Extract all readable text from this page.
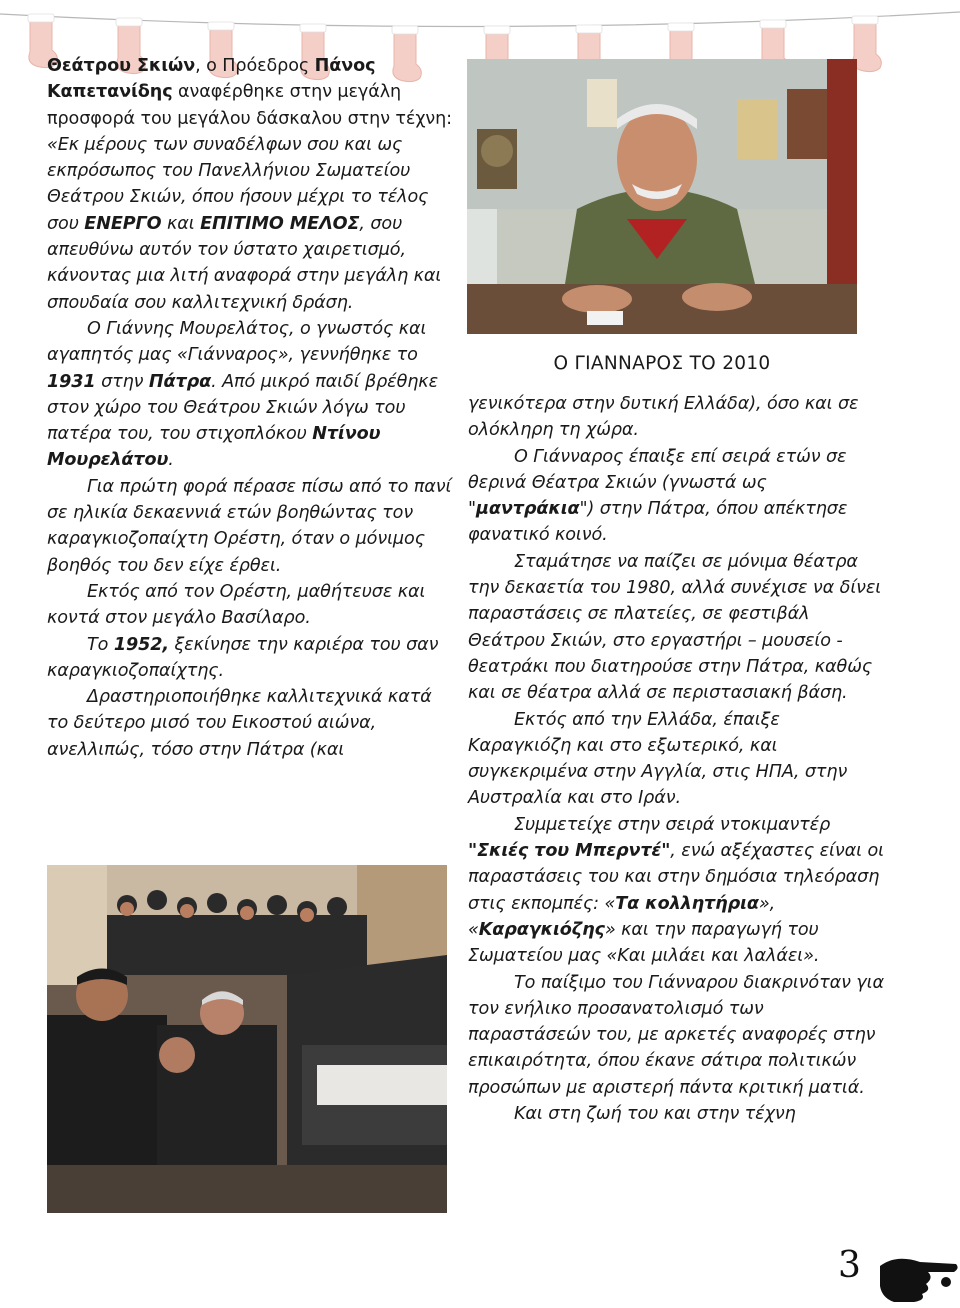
Ο ΓΙΑΝΝΑΡΟΣ ΤΟ 2010

Θεάτρου Σκιών, ο Πρόεδρος Πάνος Καπετανίδης αναφέρθηκε στην μεγάλη προσφορά του μεγάλου δάσκαλου στην τέχνη:

«Εκ μέρους των συναδέλφων σου και ως εκπρόσωπος του Πανελλήνιου Σωματείου Θεάτρου Σκιών, όπου ήσουν μέχρι το τέλος σου ΕΝΕΡΓΟ και ΕΠΙΤΙΜΟ ΜΕΛΟΣ, σου απευθύνω αυτόν τον ύστατο χαιρετισμό, κάνοντας μια λιτή αναφορά στην μεγάλη και σπουδαία σου καλλιτεχνική δράση.

Ο Γιάννης Μουρελάτος, ο γνωστός και αγαπητός μας «Γιάνναρος», γεννήθηκε το 1931 στην Πάτρα. Από μικρό παιδί βρέθηκε στον χώρο του Θεάτρου Σκιών λόγω του πατέρα του, του στιχοπλόκου Ντίνου Μουρελάτου.

Για πρώτη φορά πέρασε πίσω από το πανί σε ηλικία δεκαεννιά ετών βοηθώντας τον καραγκιοζοπαίχτη Ορέστη, όταν ο μόνιμος βοηθός του δεν είχε έρθει.

Εκτός από τον Ορέστη, μαθήτευσε και κοντά στον μεγάλο Βασίλαρο.

Το 1952, ξεκίνησε την καριέρα του σαν καραγκιοζοπαίχτης.

Δραστηριοποιήθηκε καλλιτεχνικά κατά το δεύτερο μισό του Εικοστού αιώνα, ανελλιπώς, τόσο στην Πάτρα (και

γενικότερα στην δυτική Ελλάδα), όσο και σε ολόκληρη τη χώρα.

Ο Γιάνναρος έπαιξε επί σειρά ετών σε θερινά Θέατρα Σκιών (γνωστά ως "μαντράκια") στην Πάτρα, όπου απέκτησε φανατικό κοινό.

Σταμάτησε να παίζει σε μόνιμα θέατρα την δεκαετία του 1980, αλλά συνέχισε να δίνει παραστάσεις σε πλατείες, σε φεστιβάλ Θεάτρου Σκιών, στο εργαστήρι – μουσείο - θεατράκι που διατηρούσε στην Πάτρα, καθώς και σε θέατρα αλλά σε περιστασιακή βάση.

Εκτός από την Ελλάδα, έπαιξε Καραγκιόζη και στο εξωτερικό, και συγκεκριμένα στην Αγγλία, στις ΗΠΑ, στην Αυστραλία και στο Ιράν.

Συμμετείχε στην σειρά ντοκιμαντέρ "Σκιές του Μπερντέ", ενώ αξέχαστες είναι οι παραστάσεις του και στην δημόσια τηλεόραση στις εκπομπές: «Τα κολλητήρια», «Καραγκιόζης» και την παραγωγή του Σωματείου μας «Και μιλάει και λαλάει».

Το παίξιμο του Γιάνναρου διακρινόταν για τον ενήλικο προσανατολισμό των παραστάσεών του, με αρκετές αναφορές στην επικαιρότητα, όπου έκανε σάτιρα πολιτικών προσώπων με αριστερή πάντα κριτική ματιά.

Και στη ζωή του και στην τέχνη

3
